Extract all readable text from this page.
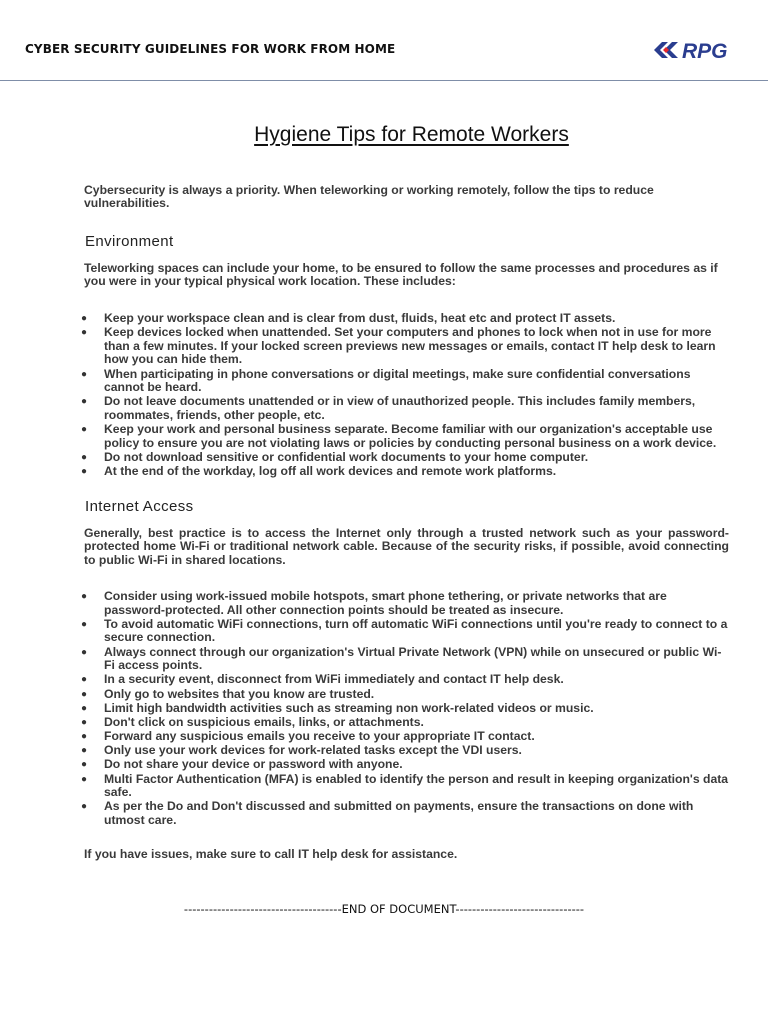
CYBER SECURITY GUIDELINES FOR WORK FROM HOME	RPG
Hygiene Tips for Remote Workers
Cybersecurity is always a priority. When teleworking or working remotely, follow the tips to reduce vulnerabilities.
Environment
Teleworking spaces can include your home, to be ensured to follow the same processes and procedures as if you were in your typical physical work location. These includes:
● Keep your workspace clean and is clear from dust, fluids, heat etc and protect IT assets.
● Keep devices locked when unattended. Set your computers and phones to lock when not in use for more than a few minutes. If your locked screen previews new messages or emails, contact IT help desk to learn how you can hide them.
● When participating in phone conversations or digital meetings, make sure confidential conversations cannot be heard.
● Do not leave documents unattended or in view of unauthorized people. This includes family members, roommates, friends, other people, etc.
● Keep your work and personal business separate. Become familiar with our organization's acceptable use policy to ensure you are not violating laws or policies by conducting personal business on a work device.
● Do not download sensitive or confidential work documents to your home computer.
● At the end of the workday, log off all work devices and remote work platforms.
Internet Access
Generally, best practice is to access the Internet only through a trusted network such as your password-protected home Wi-Fi or traditional network cable. Because of the security risks, if possible, avoid connecting to public Wi-Fi in shared locations.
● Consider using work-issued mobile hotspots, smart phone tethering, or private networks that are password-protected. All other connection points should be treated as insecure.
● To avoid automatic WiFi connections, turn off automatic WiFi connections until you're ready to connect to a secure connection.
● Always connect through our organization's Virtual Private Network (VPN) while on unsecured or public Wi-Fi access points.
● In a security event, disconnect from WiFi immediately and contact IT help desk.
● Only go to websites that you know are trusted.
● Limit high bandwidth activities such as streaming non work-related videos or music.
● Don't click on suspicious emails, links, or attachments.
● Forward any suspicious emails you receive to your appropriate IT contact.
● Only use your work devices for work-related tasks except the VDI users.
● Do not share your device or password with anyone.
● Multi Factor Authentication (MFA) is enabled to identify the person and result in keeping organization's data safe.
● As per the Do and Don't discussed and submitted on payments, ensure the transactions on done with utmost care.
If you have issues, make sure to call IT help desk for assistance.
--------------------------------------END OF DOCUMENT-------------------------------
